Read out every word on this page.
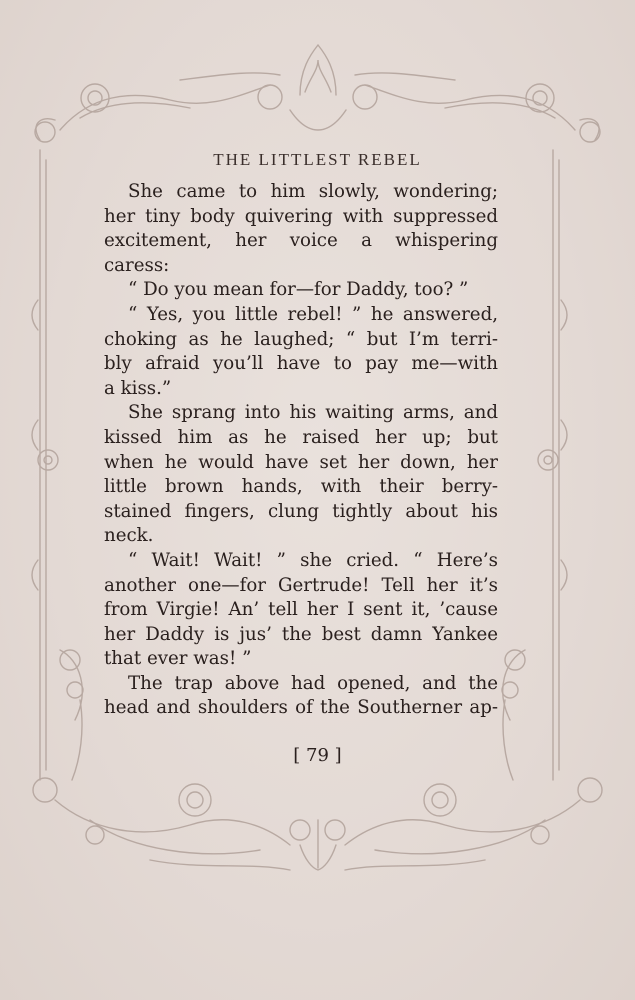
THE LITTLEST REBEL
She came to him slowly, wondering;
her tiny body quivering with suppressed
excitement, her voice a whispering
caress:
“ Do you mean for—for Daddy, too? ”
“ Yes, you little rebel! ” he answered,
choking as he laughed; “ but I’m terri-
bly afraid you’ll have to pay me—with
a kiss.”
She sprang into his waiting arms, and
kissed him as he raised her up; but
when he would have set her down, her
little brown hands, with their berry-
stained fingers, clung tightly about his
neck.
“ Wait! Wait! ” she cried. “ Here’s
another one—for Gertrude! Tell her it’s
from Virgie! An’ tell her I sent it, ’cause
her Daddy is jus’ the best damn Yankee
that ever was! ”
The trap above had opened, and the
head and shoulders of the Southerner ap-
[ 79 ]
